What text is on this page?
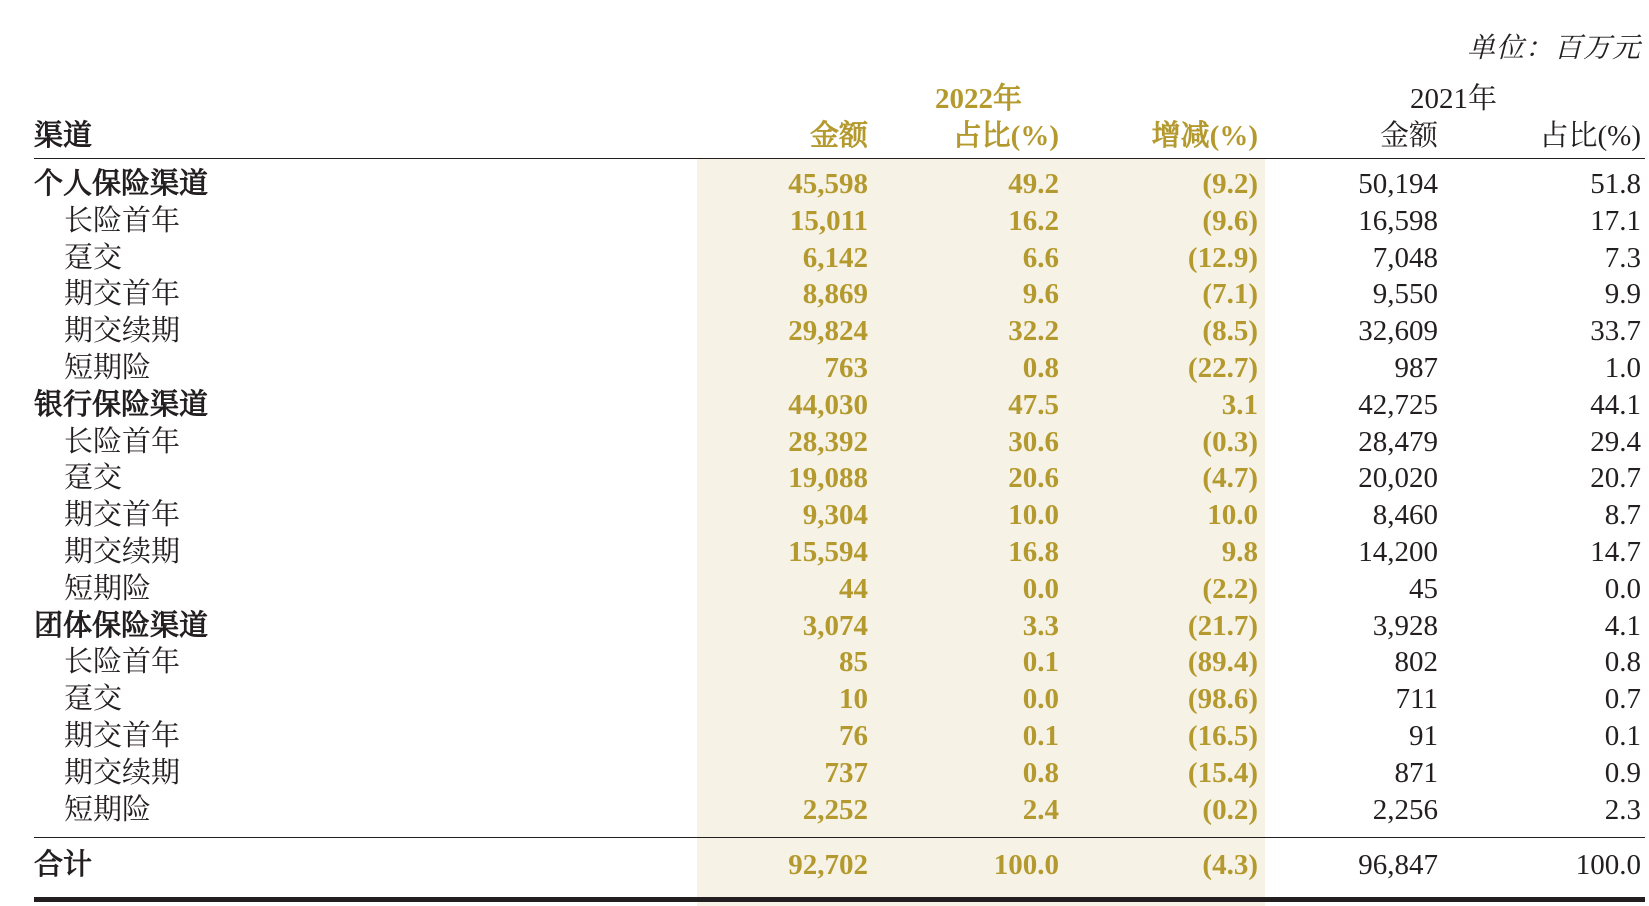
单位：百万元
2022年	2021年
渠道	金额	占比(%)	增减(%)	金额	占比(%)
个人保险渠道	45,598	49.2	(9.2)	50,194	51.8
长险首年	15,011	16.2	(9.6)	16,598	17.1
趸交	6,142	6.6	(12.9)	7,048	7.3
期交首年	8,869	9.6	(7.1)	9,550	9.9
期交续期	29,824	32.2	(8.5)	32,609	33.7
短期险	763	0.8	(22.7)	987	1.0
银行保险渠道	44,030	47.5	3.1	42,725	44.1
长险首年	28,392	30.6	(0.3)	28,479	29.4
趸交	19,088	20.6	(4.7)	20,020	20.7
期交首年	9,304	10.0	10.0	8,460	8.7
期交续期	15,594	16.8	9.8	14,200	14.7
短期险	44	0.0	(2.2)	45	0.0
团体保险渠道	3,074	3.3	(21.7)	3,928	4.1
长险首年	85	0.1	(89.4)	802	0.8
趸交	10	0.0	(98.6)	711	0.7
期交首年	76	0.1	(16.5)	91	0.1
期交续期	737	0.8	(15.4)	871	0.9
短期险	2,252	2.4	(0.2)	2,256	2.3
合计	92,702	100.0	(4.3)	96,847	100.0
